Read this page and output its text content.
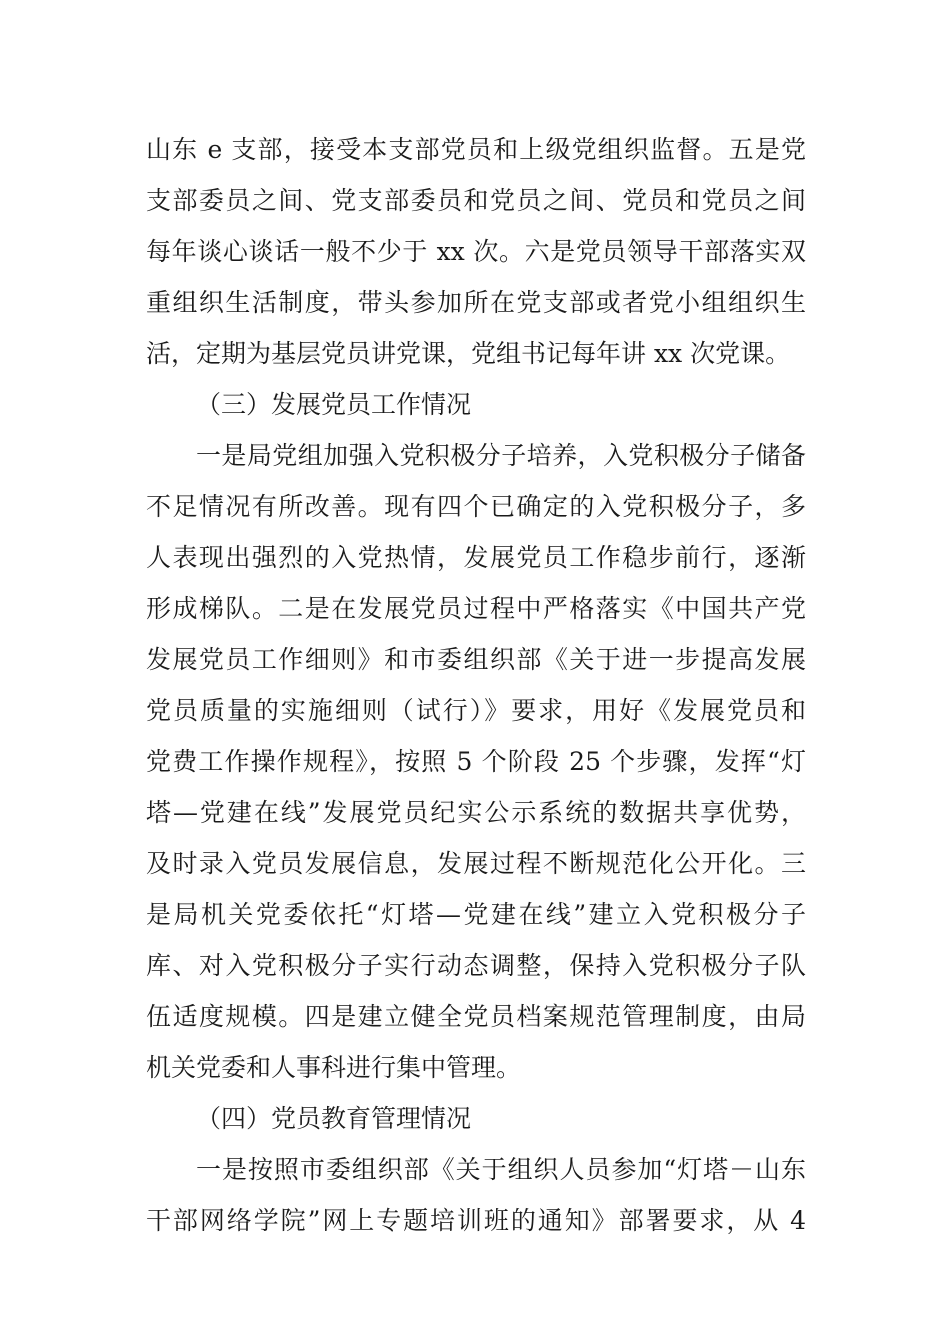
山东 e 支部，接受本支部党员和上级党组织监督。五是党
支部委员之间、党支部委员和党员之间、党员和党员之间
每年谈心谈话一般不少于 xx 次。六是党员领导干部落实双
重组织生活制度，带头参加所在党支部或者党小组组织生
活，定期为基层党员讲党课，党组书记每年讲 xx 次党课。
（三）发展党员工作情况
一是局党组加强入党积极分子培养，入党积极分子储备
不足情况有所改善。现有四个已确定的入党积极分子，多
人表现出强烈的入党热情，发展党员工作稳步前行，逐渐
形成梯队。二是在发展党员过程中严格落实《中国共产党
发展党员工作细则》和市委组织部《关于进一步提高发展
党员质量的实施细则（试行）》要求，用好《发展党员和
党费工作操作规程》，按照 5 个阶段 25 个步骤，发挥“灯
塔—党建在线”发展党员纪实公示系统的数据共享优势，
及时录入党员发展信息，发展过程不断规范化公开化。三
是局机关党委依托“灯塔—党建在线”建立入党积极分子
库、对入党积极分子实行动态调整，保持入党积极分子队
伍适度规模。四是建立健全党员档案规范管理制度，由局
机关党委和人事科进行集中管理。
（四）党员教育管理情况
一是按照市委组织部《关于组织人员参加“灯塔－山东
干部网络学院”网上专题培训班的通知》部署要求，从 4
